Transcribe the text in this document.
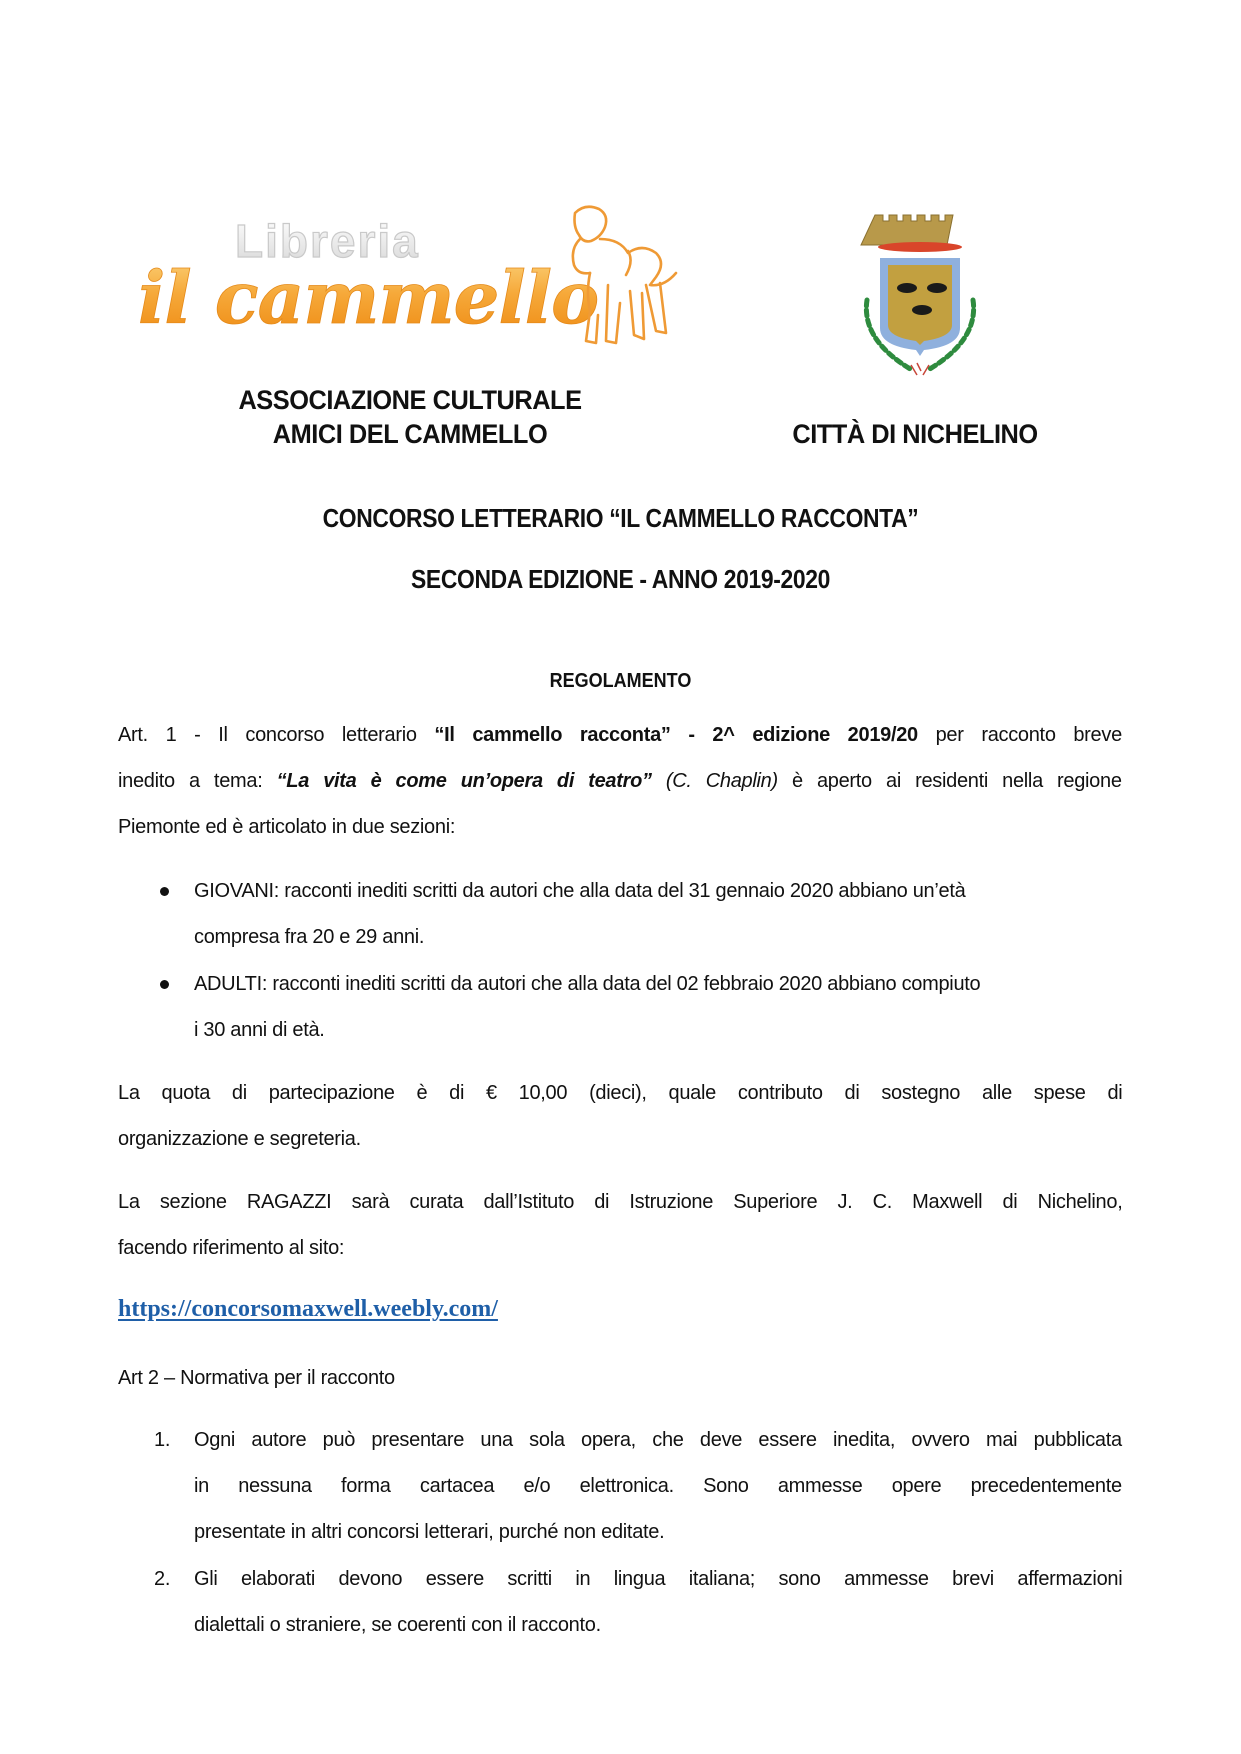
Libreria
il cammello
ASSOCIAZIONE CULTURALE
AMICI DEL CAMMELLO	CITTÀ DI NICHELINO
CONCORSO LETTERARIO “IL CAMMELLO RACCONTA”
SECONDA EDIZIONE - ANNO 2019-2020
REGOLAMENTO
Art. 1 - Il concorso letterario “Il cammello racconta” - 2^ edizione 2019/20 per racconto breve
inedito a tema: “La vita è come un’opera di teatro” (C. Chaplin) è aperto ai residenti nella regione
Piemonte ed è articolato in due sezioni:
GIOVANI: racconti inediti scritti da autori che alla data del 31 gennaio 2020 abbiano un’età
compresa fra 20 e 29 anni.
ADULTI: racconti inediti scritti da autori che alla data del 02 febbraio 2020 abbiano compiuto
i 30 anni di età.
La quota di partecipazione è di € 10,00 (dieci), quale contributo di sostegno alle spese di
organizzazione e segreteria.
La sezione RAGAZZI sarà curata dall’Istituto di Istruzione Superiore J. C. Maxwell di Nichelino,
facendo riferimento al sito:
https://concorsomaxwell.weebly.com/
Art 2 – Normativa per il racconto
1. Ogni autore può presentare una sola opera, che deve essere inedita, ovvero mai pubblicata
in nessuna forma cartacea e/o elettronica. Sono ammesse opere precedentemente
presentate in altri concorsi letterari, purché non editate.
2. Gli elaborati devono essere scritti in lingua italiana; sono ammesse brevi affermazioni
dialettali o straniere, se coerenti con il racconto.
